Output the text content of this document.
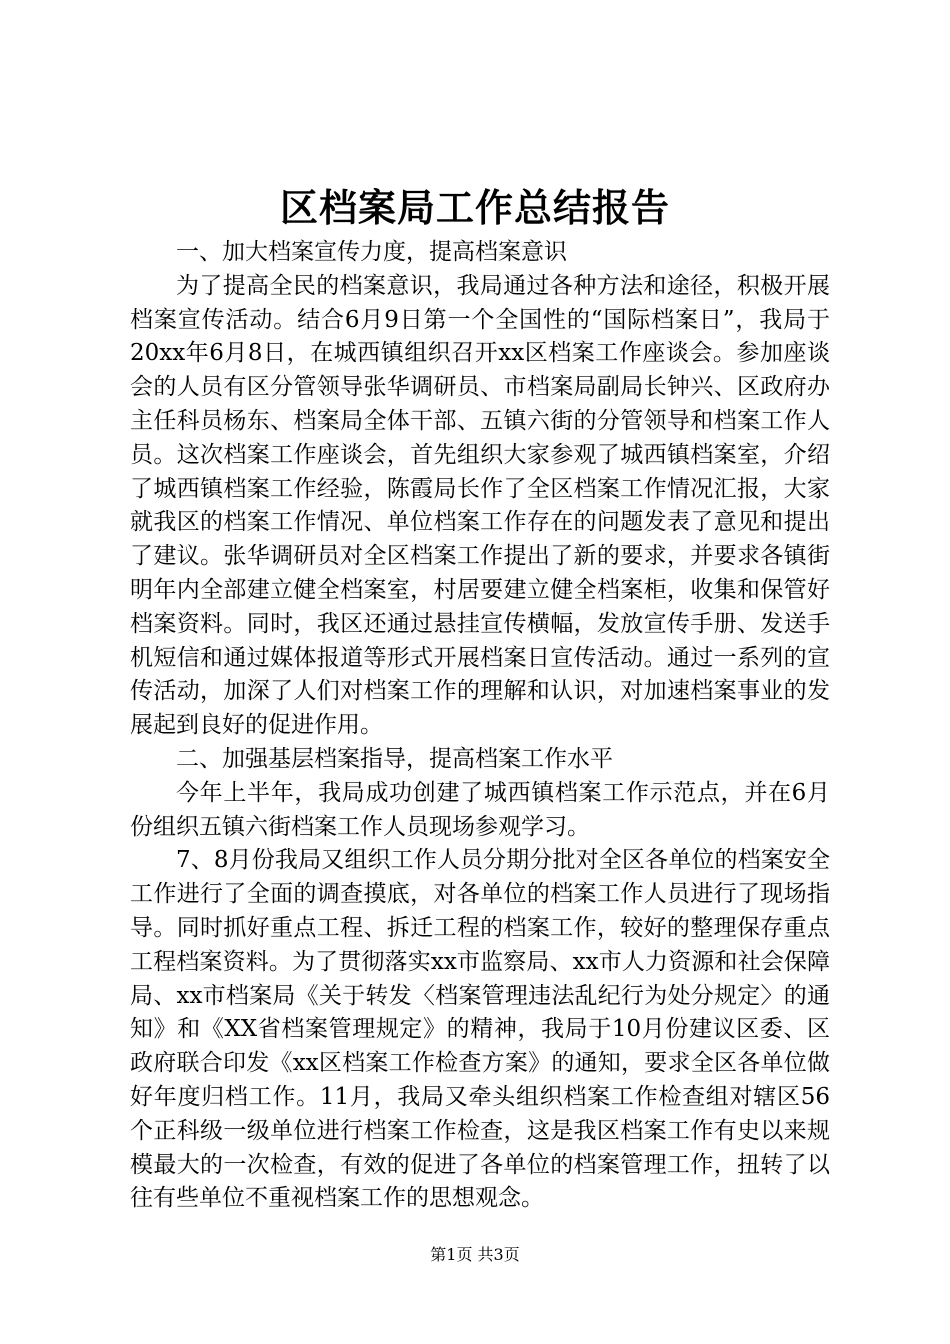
区档案局工作总结报告

一、加大档案宣传力度，提高档案意识

为了提高全民的档案意识，我局通过各种方法和途径，积极开展档案宣传活动。结合6月9日第一个全国性的“国际档案日”，我局于20xx年6月8日，在城西镇组织召开xx区档案工作座谈会。参加座谈会的人员有区分管领导张华调研员、市档案局副局长钟兴、区政府办主任科员杨东、档案局全体干部、五镇六街的分管领导和档案工作人员。这次档案工作座谈会，首先组织大家参观了城西镇档案室，介绍了城西镇档案工作经验，陈霞局长作了全区档案工作情况汇报，大家就我区的档案工作情况、单位档案工作存在的问题发表了意见和提出了建议。张华调研员对全区档案工作提出了新的要求，并要求各镇街明年内全部建立健全档案室，村居要建立健全档案柜，收集和保管好档案资料。同时，我区还通过悬挂宣传横幅，发放宣传手册、发送手机短信和通过媒体报道等形式开展档案日宣传活动。通过一系列的宣传活动，加深了人们对档案工作的理解和认识，对加速档案事业的发展起到良好的促进作用。

二、加强基层档案指导，提高档案工作水平

今年上半年，我局成功创建了城西镇档案工作示范点，并在6月份组织五镇六街档案工作人员现场参观学习。

7、8月份我局又组织工作人员分期分批对全区各单位的档案安全工作进行了全面的调查摸底，对各单位的档案工作人员进行了现场指导。同时抓好重点工程、拆迁工程的档案工作，较好的整理保存重点工程档案资料。为了贯彻落实xx市监察局、xx市人力资源和社会保障局、xx市档案局《关于转发〈档案管理违法乱纪行为处分规定〉的通知》和《XX省档案管理规定》的精神，我局于10月份建议区委、区政府联合印发《xx区档案工作检查方案》的通知，要求全区各单位做好年度归档工作。11月，我局又牵头组织档案工作检查组对辖区56个正科级一级单位进行档案工作检查，这是我区档案工作有史以来规模最大的一次检查，有效的促进了各单位的档案管理工作，扭转了以往有些单位不重视档案工作的思想观念。

第1页 共3页
